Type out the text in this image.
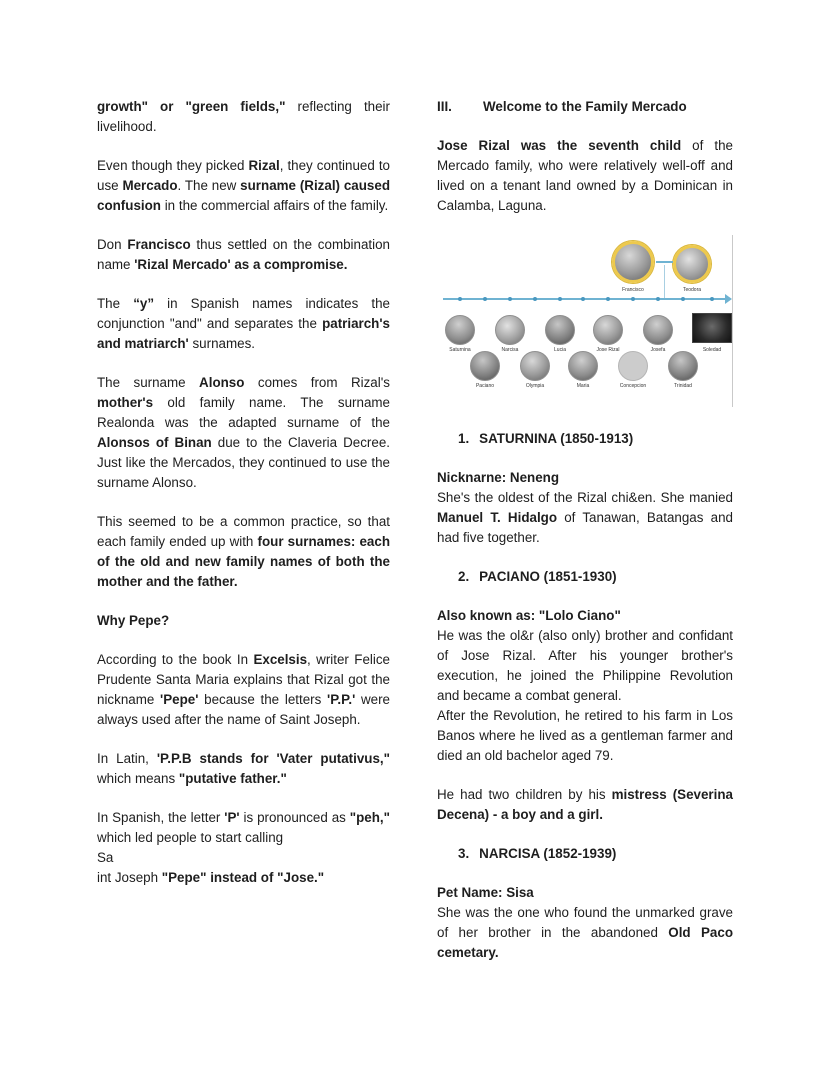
growth" or "green fields," reflecting their livelihood.

Even though they picked Rizal, they continued to use Mercado. The new surname (Rizal) caused confusion in the commercial affairs of the family.

Don Francisco thus settled on the combination name 'Rizal Mercado' as a compromise.

The “y” in Spanish names indicates the conjunction "and" and separates the patriarch's and matriarch' surnames.

The surname Alonso comes from Rizal's mother's old family name. The surname Realonda was the adapted surname of the Alonsos of Binan due to the Claveria Decree. Just like the Mercados, they continued to use the surname Alonso.

This seemed to be a common practice, so that each family ended up with four surnames: each of the old and new family names of both the mother and the father.

Why Pepe?

According to the book In Excelsis, writer Felice Prudente Santa Maria explains that Rizal got the nickname 'Pepe' because the letters 'P.P.' were always used after the name of Saint Joseph.

In Latin, 'P.P.B stands for 'Vater putativus," which means "putative father."

In Spanish, the letter 'P' is pronounced as "peh," which led people to start calling
Sa
int Joseph "Pepe" instead of "Jose."

III.	Welcome to the Family Mercado

Jose Rizal was the seventh child of the Mercado family, who were relatively well-off and lived on a tenant land owned by a Dominican in Calamba, Laguna.

Francisco	Teodora
Saturnina	Narcisa	Lucia	Jose Rizal	Josefa	Soledad
Paciano	Olympia	Maria	Concepcion	Trinidad
1. SATURNINA (1850-1913)

Nicknarne: Neneng
She's the oldest of the Rizal chi&en. She manied Manuel T. Hidalgo of Tanawan, Batangas and had five together.

2. PACIANO (1851-1930)

Also known as: "Lolo Ciano"
He was the ol&r (also only) brother and confidant of Jose Rizal. After his younger brother's execution, he joined the Philippine Revolution and became a combat general.
After the Revolution, he retired to his farm in Los Banos where he lived as a gentleman farmer and died an old bachelor aged 79.

He had two children by his mistress (Severina Decena) - a boy and a girl.

3. NARCISA (1852-1939)

Pet Name: Sisa
She was the one who found the unmarked grave of her brother in the abandoned Old Paco cemetary.
